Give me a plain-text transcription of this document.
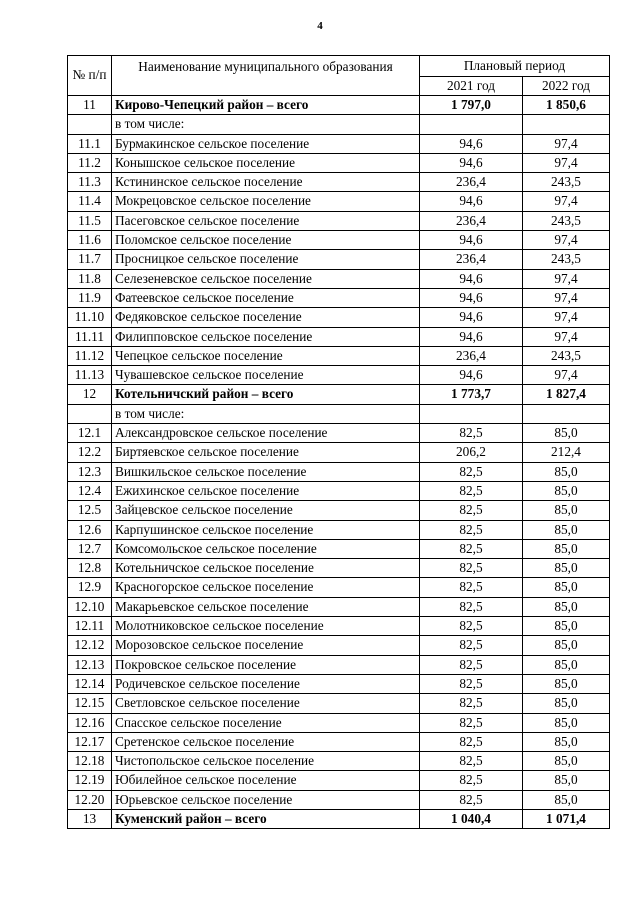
4
№ п/п	Наименование муниципального образования	Плановый период	
		2021 год	2022 год
11	Кирово-Чепецкий район – всего	1 797,0	1 850,6
	в том числе:		
11.1	Бурмакинское сельское поселение	94,6	97,4
11.2	Конышское сельское поселение	94,6	97,4
11.3	Кстининское сельское поселение	236,4	243,5
11.4	Мокрецовское сельское поселение	94,6	97,4
11.5	Пасеговское сельское поселение	236,4	243,5
11.6	Поломское сельское поселение	94,6	97,4
11.7	Просницкое сельское поселение	236,4	243,5
11.8	Селезеневское сельское поселение	94,6	97,4
11.9	Фатеевское сельское поселение	94,6	97,4
11.10	Федяковское сельское поселение	94,6	97,4
11.11	Филипповское сельское поселение	94,6	97,4
11.12	Чепецкое сельское поселение	236,4	243,5
11.13	Чувашевское сельское поселение	94,6	97,4
12	Котельничский район – всего	1 773,7	1 827,4
	в том числе:		
12.1	Александровское сельское поселение	82,5	85,0
12.2	Биртяевское сельское поселение	206,2	212,4
12.3	Вишкильское сельское поселение	82,5	85,0
12.4	Ежихинское сельское поселение	82,5	85,0
12.5	Зайцевское сельское поселение	82,5	85,0
12.6	Карпушинское сельское поселение	82,5	85,0
12.7	Комсомольское сельское поселение	82,5	85,0
12.8	Котельничское сельское поселение	82,5	85,0
12.9	Красногорское сельское поселение	82,5	85,0
12.10	Макарьевское сельское поселение	82,5	85,0
12.11	Молотниковское сельское поселение	82,5	85,0
12.12	Морозовское сельское поселение	82,5	85,0
12.13	Покровское сельское поселение	82,5	85,0
12.14	Родичевское сельское поселение	82,5	85,0
12.15	Светловское сельское поселение	82,5	85,0
12.16	Спасское сельское поселение	82,5	85,0
12.17	Сретенское сельское поселение	82,5	85,0
12.18	Чистопольское сельское поселение	82,5	85,0
12.19	Юбилейное сельское поселение	82,5	85,0
12.20	Юрьевское сельское поселение	82,5	85,0
13	Куменский район – всего	1 040,4	1 071,4
